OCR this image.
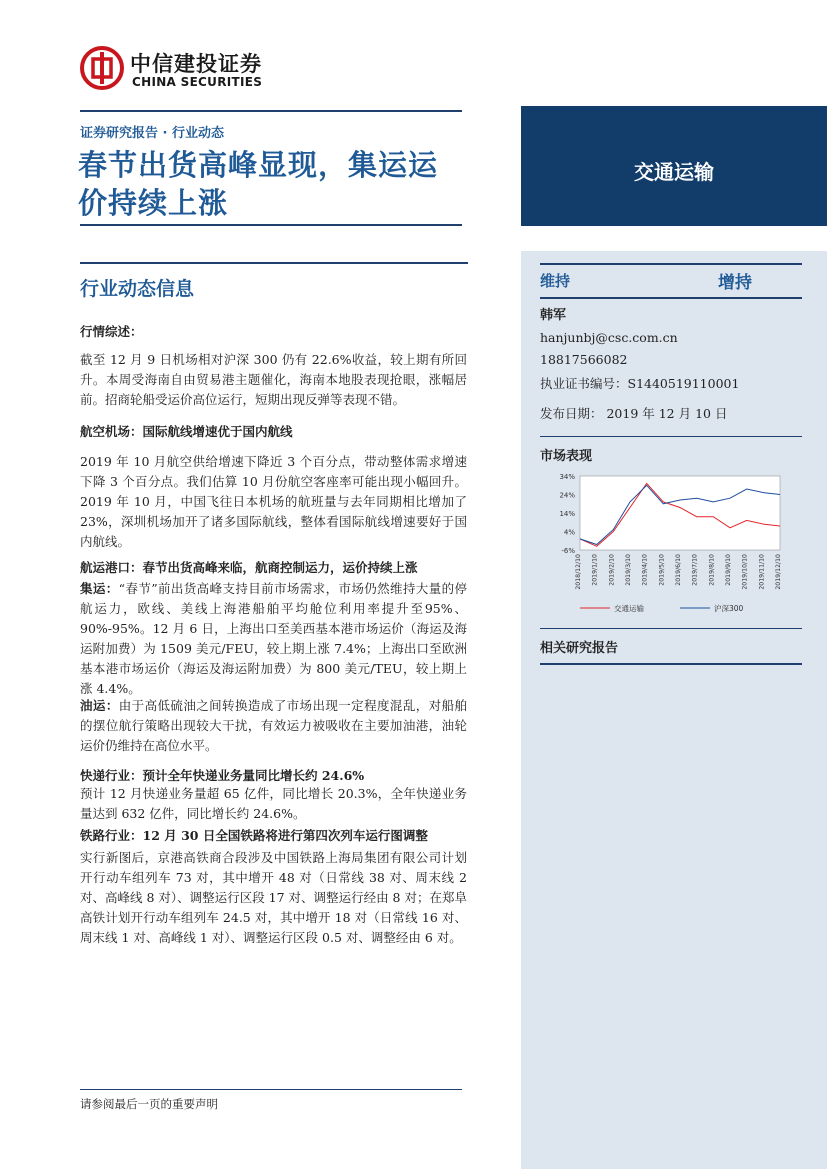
中信建投证券
CHINA SECURITIES
证券研究报告 · 行业动态
春节出货高峰显现，集运运
价持续上涨
交通运输
行业动态信息
行情综述：

截至 12 月 9 日机场相对沪深 300 仍有 22.6%收益，较上期有所回升。本周受海南自由贸易港主题催化，海南本地股表现抢眼，涨幅居前。招商轮船受运价高位运行，短期出现反弹等表现不错。

航空机场：国际航线增速优于国内航线

2019 年 10 月航空供给增速下降近 3 个百分点，带动整体需求增速下降 3 个百分点。我们估算 10 月份航空客座率可能出现小幅回升。2019 年 10 月，中国飞往日本机场的航班量与去年同期相比增加了 23%，深圳机场加开了诸多国际航线，整体看国际航线增速要好于国内航线。

航运港口：春节出货高峰来临，航商控制运力，运价持续上涨

集运：“春节”前出货高峰支持目前市场需求，市场仍然维持大量的停航运力，欧线、美线上海港船舶平均舱位利用率提升至95%、90%-95%。12 月 6 日，上海出口至美西基本港市场运价（海运及海运附加费）为 1509 美元/FEU，较上期上涨 7.4%；上海出口至欧洲基本港市场运价（海运及海运附加费）为 800 美元/TEU，较上期上涨 4.4%。

油运：由于高低硫油之间转换造成了市场出现一定程度混乱，对船舶的摆位航行策略出现较大干扰，有效运力被吸收在主要加油港，油轮运价仍维持在高位水平。

快递行业：预计全年快递业务量同比增长约 24.6%

预计 12 月快递业务量超 65 亿件，同比增长 20.3%，全年快递业务量达到 632 亿件，同比增长约 24.6%。

铁路行业：12 月 30 日全国铁路将进行第四次列车运行图调整

实行新图后，京港高铁商合段涉及中国铁路上海局集团有限公司计划开行动车组列车 73 对，其中增开 48 对（日常线 38 对、周末线 2 对、高峰线 8 对）、调整运行区段 17 对、调整运行经由 8 对；在郑阜高铁计划开行动车组列车 24.5 对，其中增开 18 对（日常线 16 对、周末线 1 对、高峰线 1 对）、调整运行区段 0.5 对、调整经由 6 对。

维持	增持
韩军
hanjunbj@csc.com.cn
18817566082
执业证书编号：S1440519110001
发布日期： 2019 年 12 月 10 日
市场表现
34%
24%
14%
4%
-6%
2018/12/10 2019/1/10 2019/2/10 2019/3/10 2019/4/10 2019/5/10 2019/6/10 2019/7/10 2019/8/10 2019/9/10 2019/10/10 2019/11/10 2019/12/10
交通运输	沪深300
相关研究报告
请参阅最后一页的重要声明
